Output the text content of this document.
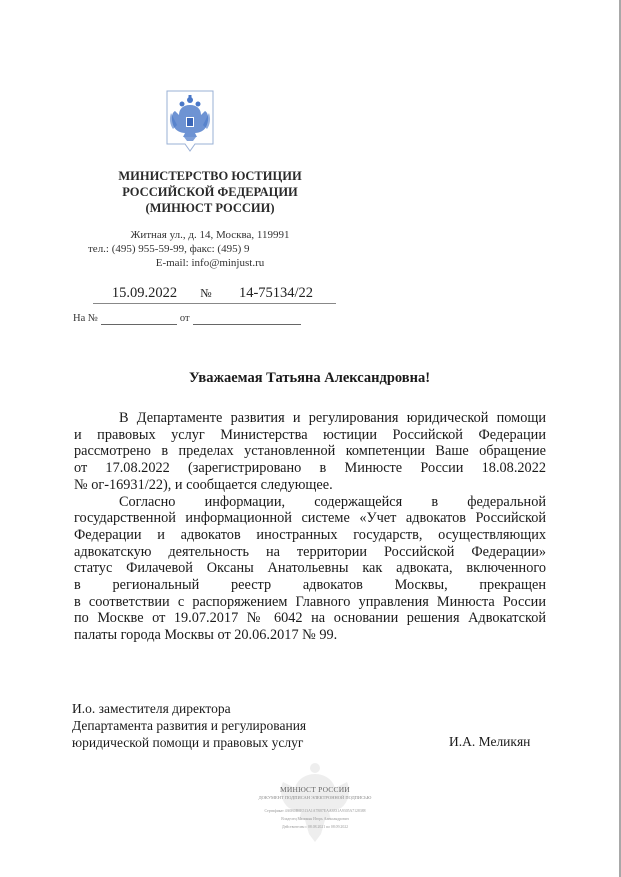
МИНИСТЕРСТВО ЮСТИЦИИ
РОССИЙСКОЙ ФЕДЕРАЦИИ
(МИНЮСТ РОССИИ)
Житная ул., д. 14, Москва, 119991
тел.: (495) 955-59-99, факс: (495) 9
E-mail: info@minjust.ru
15.09.2022 № 14-75134/22
На №	от
Уважаемая Татьяна Александровна!
В Департаменте развития и регулирования юридической помощи
и правовых услуг Министерства юстиции Российской Федерации
рассмотрено в пределах установленной компетенции Ваше обращение
от 17.08.2022 (зарегистрировано в Минюсте России 18.08.2022
№ ог-16931/22), и сообщается следующее.
Согласно информации, содержащейся в федеральной
государственной информационной системе «Учет адвокатов Российской
Федерации и адвокатов иностранных государств, осуществляющих
адвокатскую деятельность на территории Российской Федерации»
статус Филачевой Оксаны Анатольевны как адвоката, включенного
в региональный реестр адвокатов Москвы, прекращен
в соответствии с распоряжением Главного управления Минюста России
по Москве от 19.07.2017 № 6042 на основании решения Адвокатской
палаты города Москвы от 20.06.2017 № 99.
И.о. заместителя директора
Департамента развития и регулирования
юридической помощи и правовых услуг	И.А. Меликян
МИНЮСТ РОССИИ
ДОКУМЕНТ ПОДПИСАН ЭЛЕКТРОННОЙ ПОДПИСЬЮ
Сертификат 4A0B0B0E513A1A7B87EAA3831A9305A7128388
Владелец Меликян Игорь Александрович
Действителен с 08.08.2021 по 08.09.2022
